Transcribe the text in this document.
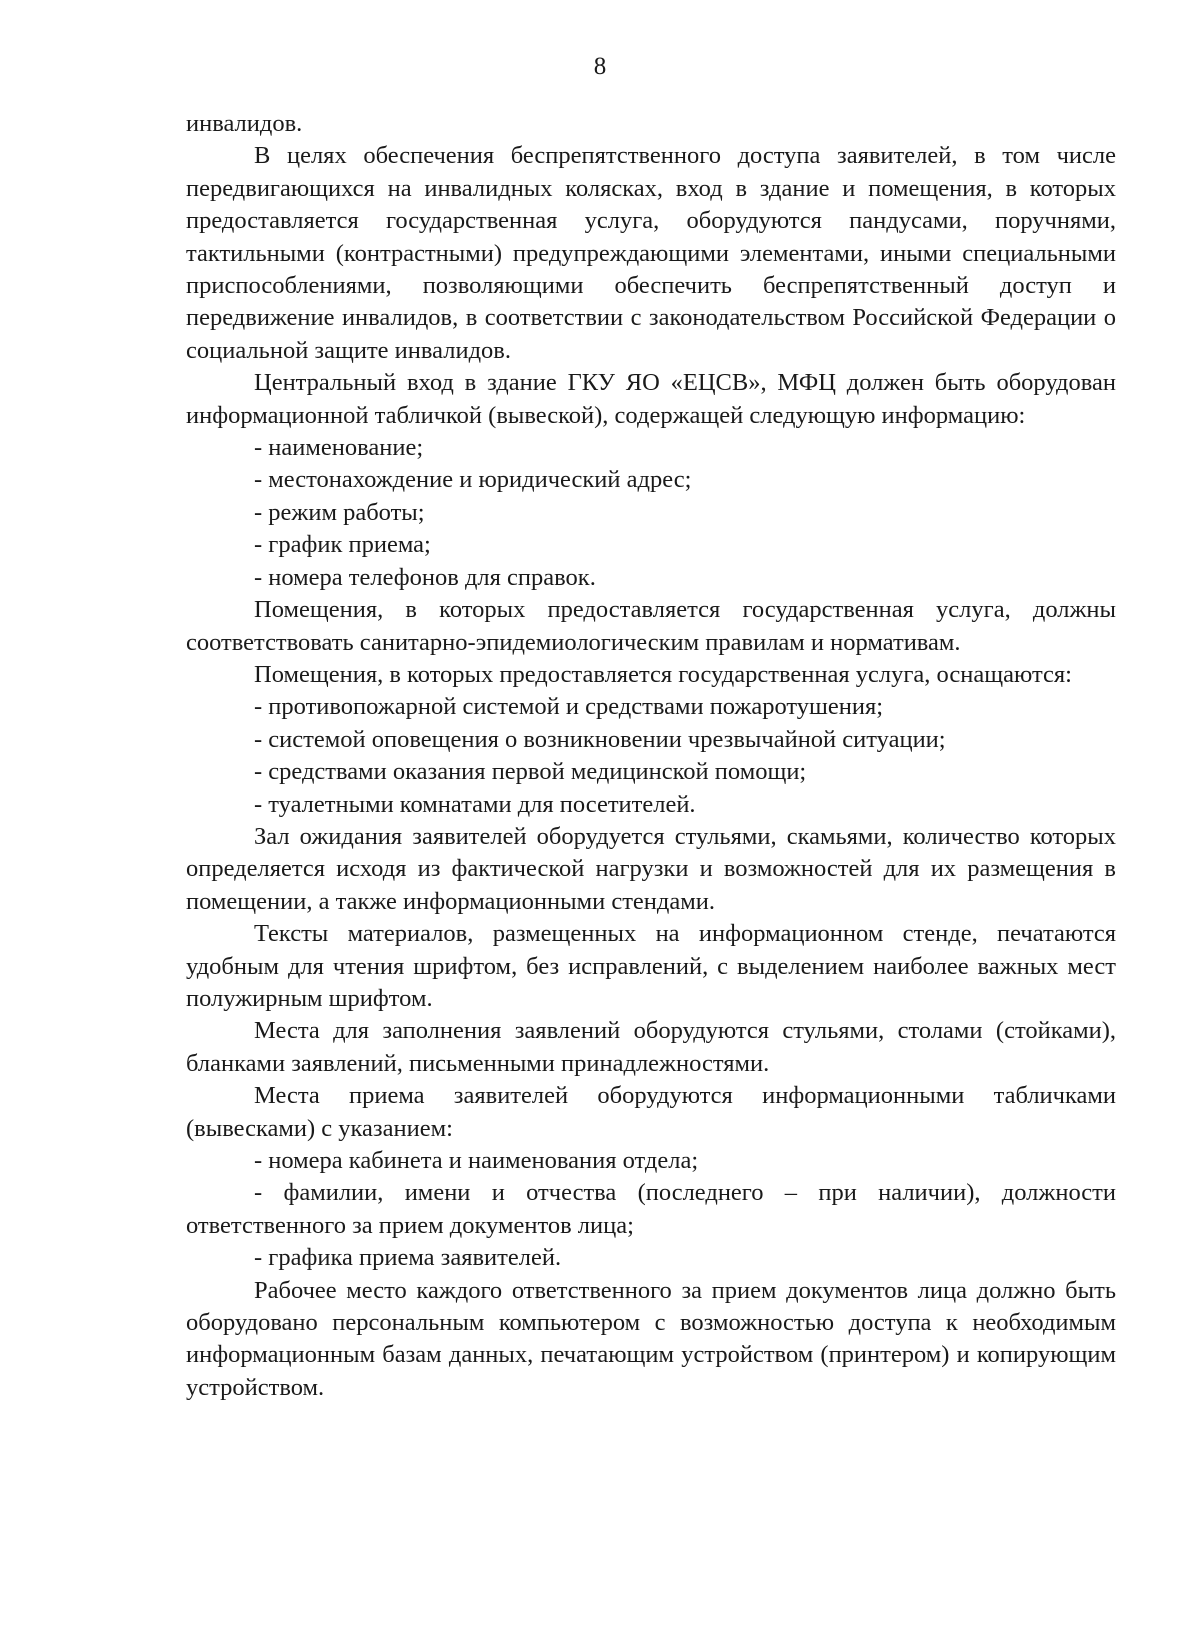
8

инвалидов.

В целях обеспечения беспрепятственного доступа заявителей, в том числе передвигающихся на инвалидных колясках, вход в здание и помещения, в которых предоставляется государственная услуга, оборудуются пандусами, поручнями, тактильными (контрастными) предупреждающими элементами, иными специальными приспособлениями, позволяющими обеспечить беспрепятственный доступ и передвижение инвалидов, в соответствии с законодательством Российской Федерации о социальной защите инвалидов.

Центральный вход в здание ГКУ ЯО «ЕЦСВ», МФЦ должен быть оборудован информационной табличкой (вывеской), содержащей следующую информацию:

- наименование;

- местонахождение и юридический адрес;

- режим работы;

- график приема;

- номера телефонов для справок.

Помещения, в которых предоставляется государственная услуга, должны соответствовать санитарно-эпидемиологическим правилам и нормативам.

Помещения, в которых предоставляется государственная услуга, оснащаются:

- противопожарной системой и средствами пожаротушения;

- системой оповещения о возникновении чрезвычайной ситуации;

- средствами оказания первой медицинской помощи;

- туалетными комнатами для посетителей.

Зал ожидания заявителей оборудуется стульями, скамьями, количество которых определяется исходя из фактической нагрузки и возможностей для их размещения в помещении, а также информационными стендами.

Тексты материалов, размещенных на информационном стенде, печатаются удобным для чтения шрифтом, без исправлений, с выделением наиболее важных мест полужирным шрифтом.

Места для заполнения заявлений оборудуются стульями, столами (стойками), бланками заявлений, письменными принадлежностями.

Места приема заявителей оборудуются информационными табличками (вывесками) с указанием:

- номера кабинета и наименования отдела;

- фамилии, имени и отчества (последнего – при наличии), должности ответственного за прием документов лица;

- графика приема заявителей.

Рабочее место каждого ответственного за прием документов лица должно быть оборудовано персональным компьютером с возможностью доступа к необходимым информационным базам данных, печатающим устройством (принтером) и копирующим устройством.
